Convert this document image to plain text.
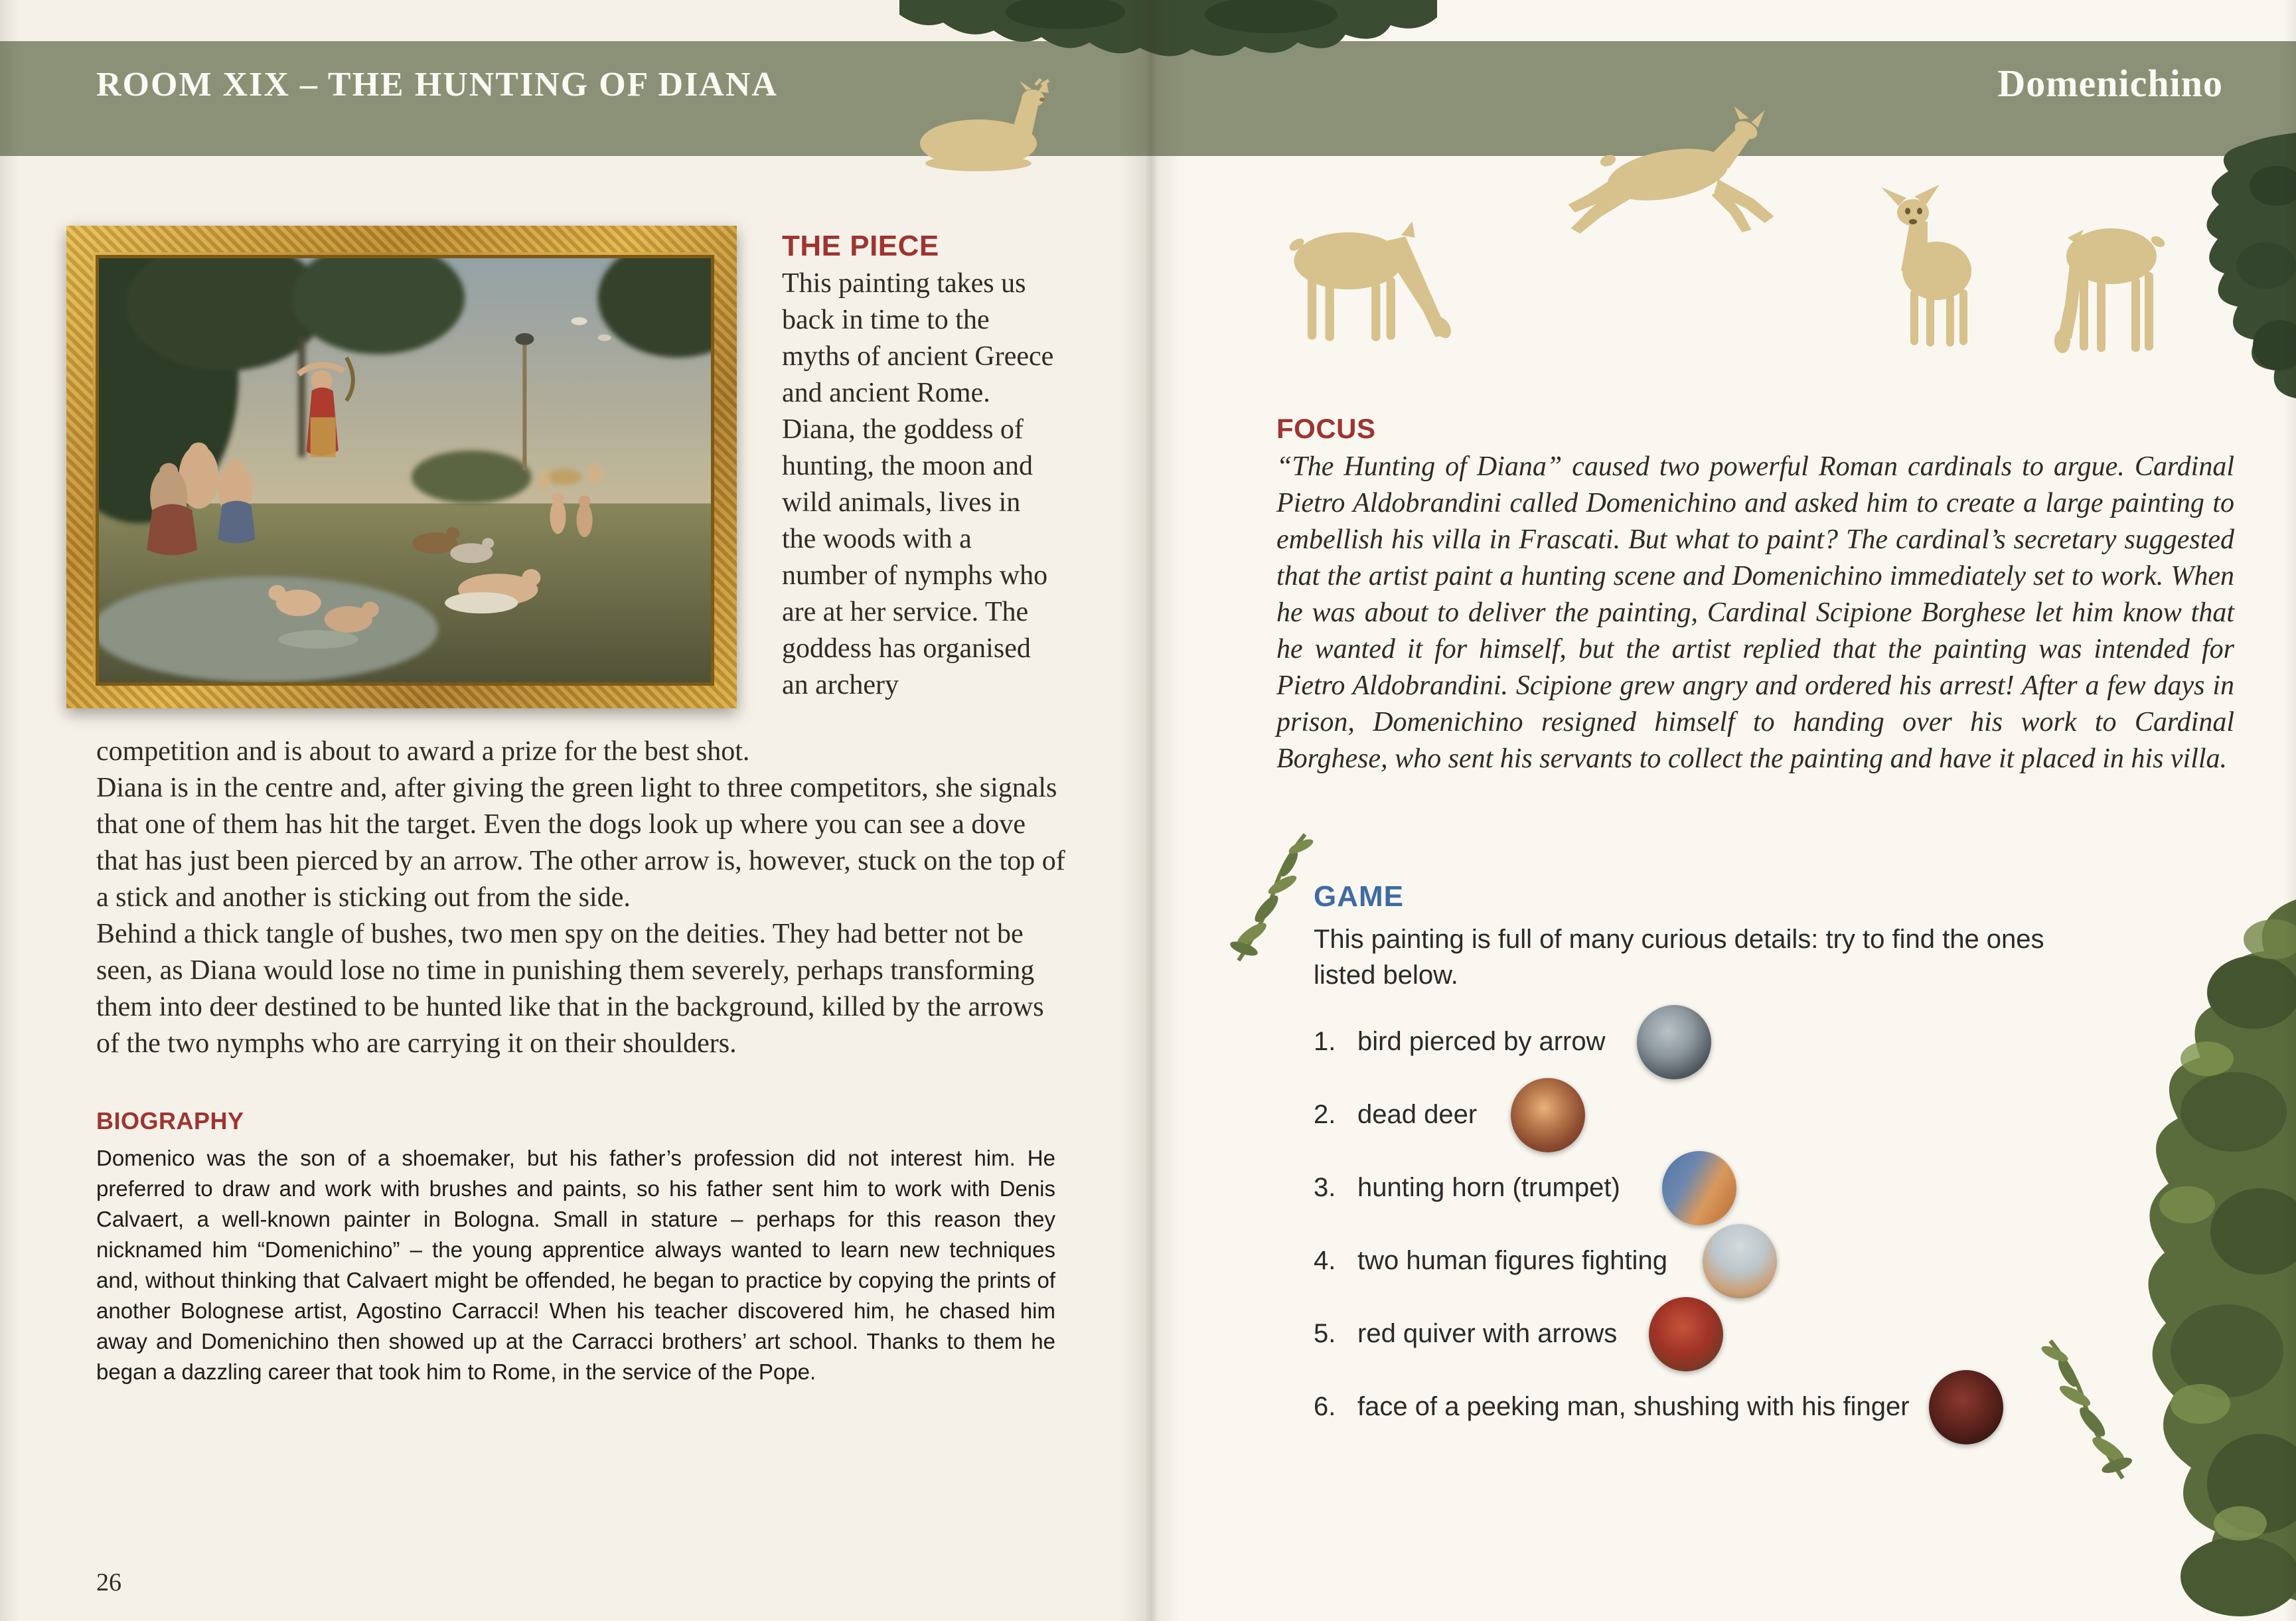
ROOM XIX – THE HUNTING OF DIANA	Domenichino
THE PIECE

This painting takes us back in time to the myths of ancient Greece and ancient Rome.

Diana, the goddess of hunting, the moon and wild animals, lives in the woods with a number of nymphs who are at her service. The goddess has organised an archery

competition and is about to award a prize for the best shot.

Diana is in the centre and, after giving the green light to three competitors, she signals that one of them has hit the target. Even the dogs look up where you can see a dove that has just been pierced by an arrow. The other arrow is, however, stuck on the top of a stick and another is sticking out from the side.

Behind a thick tangle of bushes, two men spy on the deities. They had better not be seen, as Diana would lose no time in punishing them severely, perhaps transforming them into deer destined to be hunted like that in the background, killed by the arrows of the two nymphs who are carrying it on their shoulders.

BIOGRAPHY
Domenico was the son of a shoemaker, but his father’s profession did not interest him. He preferred to draw and work with brushes and paints, so his father sent him to work with Denis Calvaert, a well-known painter in Bologna. Small in stature – perhaps for this reason they nicknamed him “Domenichino” – the young apprentice always wanted to learn new techniques and, without thinking that Calvaert might be offended, he began to practice by copying the prints of another Bolognese artist, Agostino Carracci! When his teacher discovered him, he chased him away and Domenichino then showed up at the Carracci brothers’ art school. Thanks to them he began a dazzling career that took him to Rome, in the service of the Pope.
26
FOCUS
“The Hunting of Diana” caused two powerful Roman cardinals to argue. Cardinal Pietro Aldobrandini called Domenichino and asked him to create a large painting to embellish his villa in Frascati. But what to paint? The cardinal’s secretary suggested that the artist paint a hunting scene and Domenichino immediately set to work. When he was about to deliver the painting, Cardinal Scipione Borghese let him know that he wanted it for himself, but the artist replied that the painting was intended for Pietro Aldobrandini. Scipione grew angry and ordered his arrest! After a few days in prison, Domenichino resigned himself to handing over his work to Cardinal Borghese, who sent his servants to collect the painting and have it placed in his villa.
GAME
This painting is full of many curious details: try to find the ones listed below.
1. bird pierced by arrow
2. dead deer
3. hunting horn (trumpet)
4. two human figures fighting
5. red quiver with arrows
6. face of a peeking man, shushing with his finger
